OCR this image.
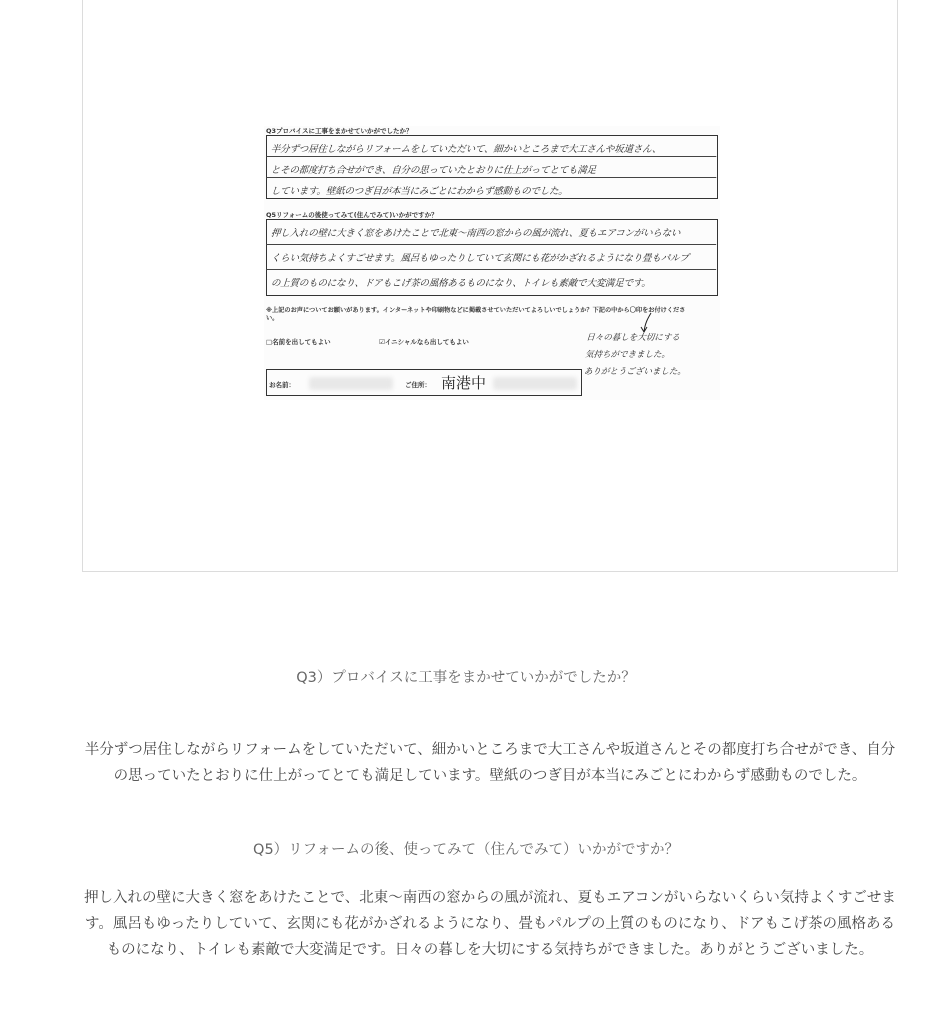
Q3プロバイスに工事をまかせていかがでしたか？
半分ずつ居住しながらリフォームをしていただいて、細かいところまで大工さんや坂道さん、
とその都度打ち合せができ、自分の思っていたとおりに仕上がってとても満足
しています。壁紙のつぎ目が本当にみごとにわからず感動ものでした。
Q5リフォームの後使ってみて(住んでみて)いかがですか？
押し入れの壁に大きく窓をあけたことで北東〜南西の窓からの風が流れ、夏もエアコンがいらない
くらい気持ちよくすごせます。風呂もゆったりしていて玄関にも花がかざれるようになり畳もパルプ
の上質のものになり、ドアもこげ茶の風格あるものになり、トイレも素敵で大変満足です。
※上記のお声についてお願いがあります。インターネットや印刷物などに掲載させていただいてよろしいでしょうか？下記の中から〇印をお付けください。
□名前を出してもよい	☑イニシャルなら出してもよい	日々の暮しを大切にする
気持ちができました。
ありがとうございました。
お名前：	ご住所： 南港中
Q3）プロバイスに工事をまかせていかがでしたか？
半分ずつ居住しながらリフォームをしていただいて、細かいところまで大工さんや坂道さんとその都度打ち合せができ、自分の思っていたとおりに仕上がってとても満足しています。壁紙のつぎ目が本当にみごとにわからず感動ものでした。
Q5）リフォームの後、使ってみて（住んでみて）いかがですか？
押し入れの壁に大きく窓をあけたことで、北東〜南西の窓からの風が流れ、夏もエアコンがいらないくらい気持よくすごせます。風呂もゆったりしていて、玄関にも花がかざれるようになり、畳もパルプの上質のものになり、ドアもこげ茶の風格あるものになり、トイレも素敵で大変満足です。日々の暮しを大切にする気持ちができました。ありがとうございました。
